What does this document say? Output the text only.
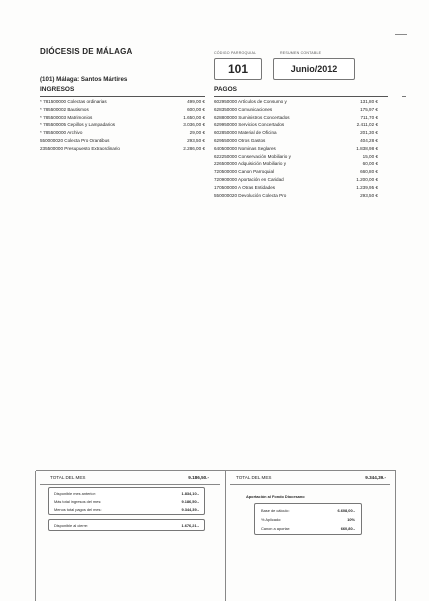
DIÓCESIS DE MÁLAGA	CÓDIGO PARROQUIAL	RESUMEN CONTABLE
101	Junio/2012
(101) Málaga: Santos Mártires
INGRESOS
* 781500000 Colectas ordinarias	499,00 €
* 785500002 Bautismos	600,00 €
* 785500003 Matrimonios	1.650,00 €
* 785500005 Cepillos y Lampadarios	3.036,00 €
* 785500000 Archivo	29,00 €
550000020 Colecta Pro Orantibus	293,50 €
235500000 Presupuesto Extraordinario	2.286,00 €
PAGOS
602950000 Artículos de Consumo y	131,80 €
628350000 Comunicaciones	175,97 €
628800000 Suministros Concertados	711,70 €
629950000 Servicios Concertados	2.411,02 €
602850000 Material de Oficina	201,30 €
629550000 Otros Gastos	404,28 €
640500000 Nominas Seglares	1.838,98 €
622250000 Conservación Mobiliario y	15,00 €
226500000 Adquisición Mobiliario y	60,00 €
720500000 Canon Parroquial	660,80 €
720900000 Aportación en Caridad	1.200,00 €
170500000 A Otras Entidades	1.239,95 €
550000020 Devolución Colecta Pro	293,50 €
TOTAL DEL MES	9.186,50.-	TOTAL DEL MES	9.344,39.-
Disponible mes anterior:	1.834,10.-
Más total ingresos del mes:	9.186,50.-
Menos total pagos del mes:	9.344,39.-
Disponible al cierre:	1.676,21.-
Aportación al Fondo Diocesano
Base de cálculo:	6.608,00.-
% Aplicado:	10%
Canon a aportar:	660,80.-
